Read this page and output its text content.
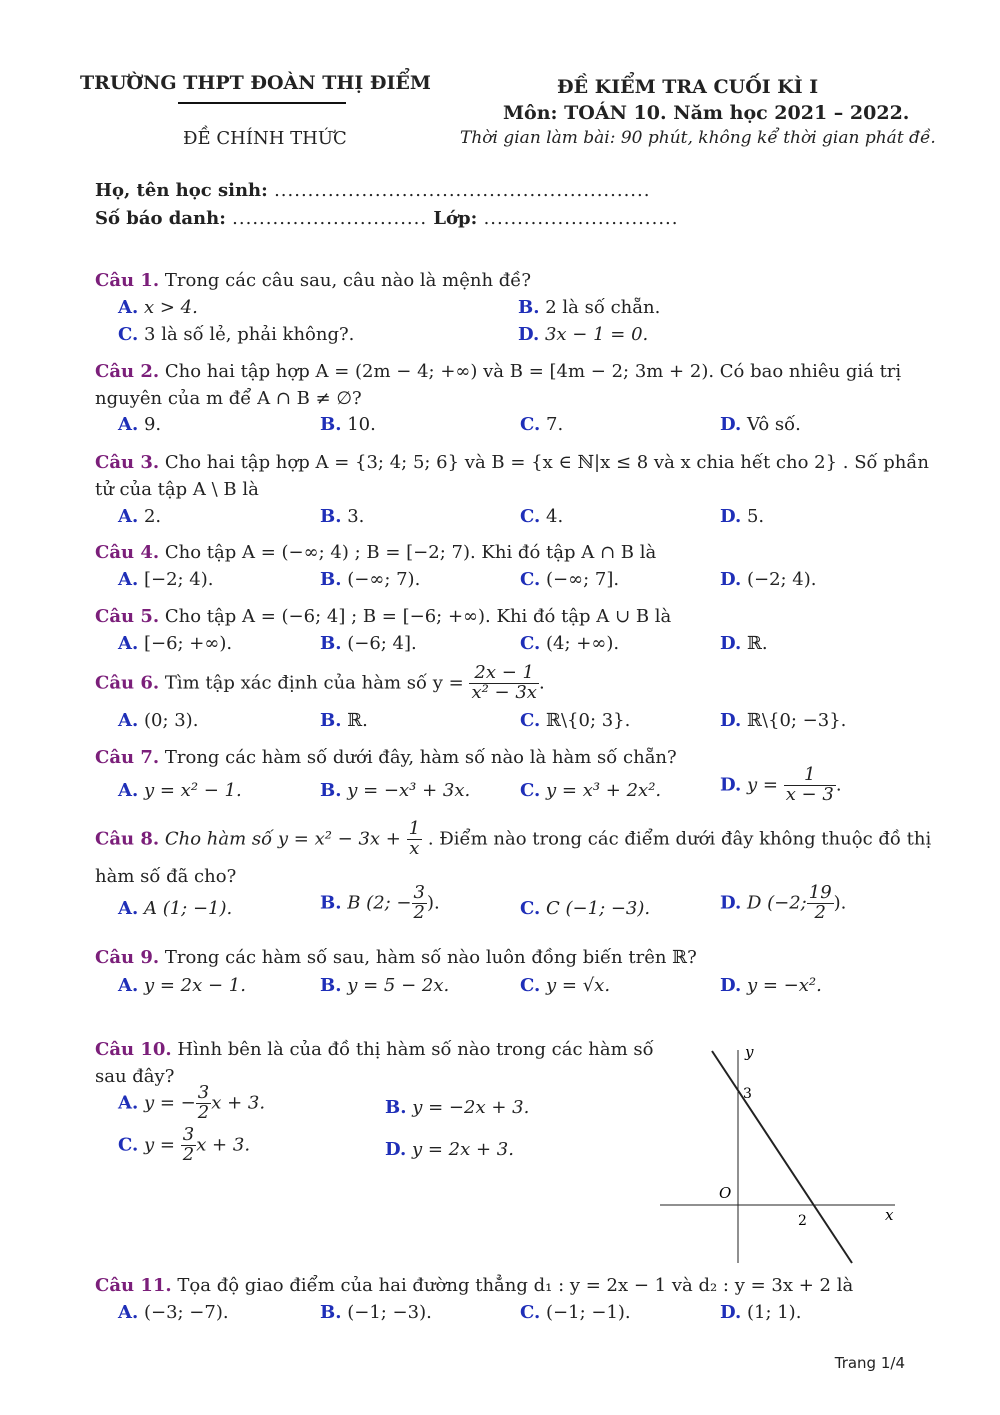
TRƯỜNG THPT ĐOÀN THỊ ĐIỂM
ĐỀ CHÍNH THỨC
ĐỀ KIỂM TRA CUỐI KÌ I
Môn: TOÁN 10. Năm học 2021 – 2022.
Thời gian làm bài: 90 phút, không kể thời gian phát đề.
Họ, tên học sinh: ........................................................
Số báo danh: ............................. Lớp: .............................
Câu 1. Trong các câu sau, câu nào là mệnh đề?
A. x > 4.	B. 2 là số chẵn.
C. 3 là số lẻ, phải không?.	D. 3x − 1 = 0.
Câu 2. Cho hai tập hợp A = (2m − 4; +∞) và B = [4m − 2; 3m + 2). Có bao nhiêu giá trị
nguyên của m để A ∩ B ≠ ∅?
A. 9.	B. 10.	C. 7.	D. Vô số.
Câu 3. Cho hai tập hợp A = {3; 4; 5; 6} và B = {x ∈ ℕ|x ≤ 8 và x chia hết cho 2} . Số phần
tử của tập A \ B là
A. 2.	B. 3.	C. 4.	D. 5.
Câu 4. Cho tập A = (−∞; 4) ; B = [−2; 7). Khi đó tập A ∩ B là
A. [−2; 4).	B. (−∞; 7).	C. (−∞; 7].	D. (−2; 4).
Câu 5. Cho tập A = (−6; 4] ; B = [−6; +∞). Khi đó tập A ∪ B là
A. [−6; +∞).	B. (−6; 4].	C. (4; +∞).	D. ℝ.
Câu 6. Tìm tập xác định của hàm số $y = \frac{2x - 1}{\text{x² − 3x}}$ .
A. (0; 3).	B. ℝ.	C. ℝ\{0; 3}.	D. ℝ\{0; −3}.
Câu 7. Trong các hàm số dưới đây, hàm số nào là hàm số chẵn?
A. y = x² − 1.	B. y = −x³ + 3x.	C. y = x³ + 2x².	D. $y = \frac{1}{x - 3}$ .
Câu 8. Cho hàm số $y = x^2 - 3x + \frac{1}{x}$ . Điểm nào trong các điểm dưới đây không thuộc đồ thị
hàm số đã cho?
A. A (1; −1).	B. B (2; − $\frac{3}{2}$ ).	C. C (−1; −3).	D. D (−2; $\frac{19}{2}$ ).
Câu 9. Trong các hàm số sau, hàm số nào luôn đồng biến trên ℝ?
A. y = 2x − 1.	B. y = 5 − 2x.	C. y = √x.	D. y = −x².
Câu 10. Hình bên là của đồ thị hàm số nào trong các hàm số
sau đây?
A. y = − $\frac{3}{2}$ x + 3.	B. y = −2x + 3.
C. $y = \frac{3}{2}$ x + 3.	D. y = 2x + 3.
y
x
O
3
2
Câu 11. Tọa độ giao điểm của hai đường thẳng d₁ : y = 2x − 1 và d₂ : y = 3x + 2 là
A. (−3; −7).	B. (−1; −3).	C. (−1; −1).	D. (1; 1).
Trang 1/4
